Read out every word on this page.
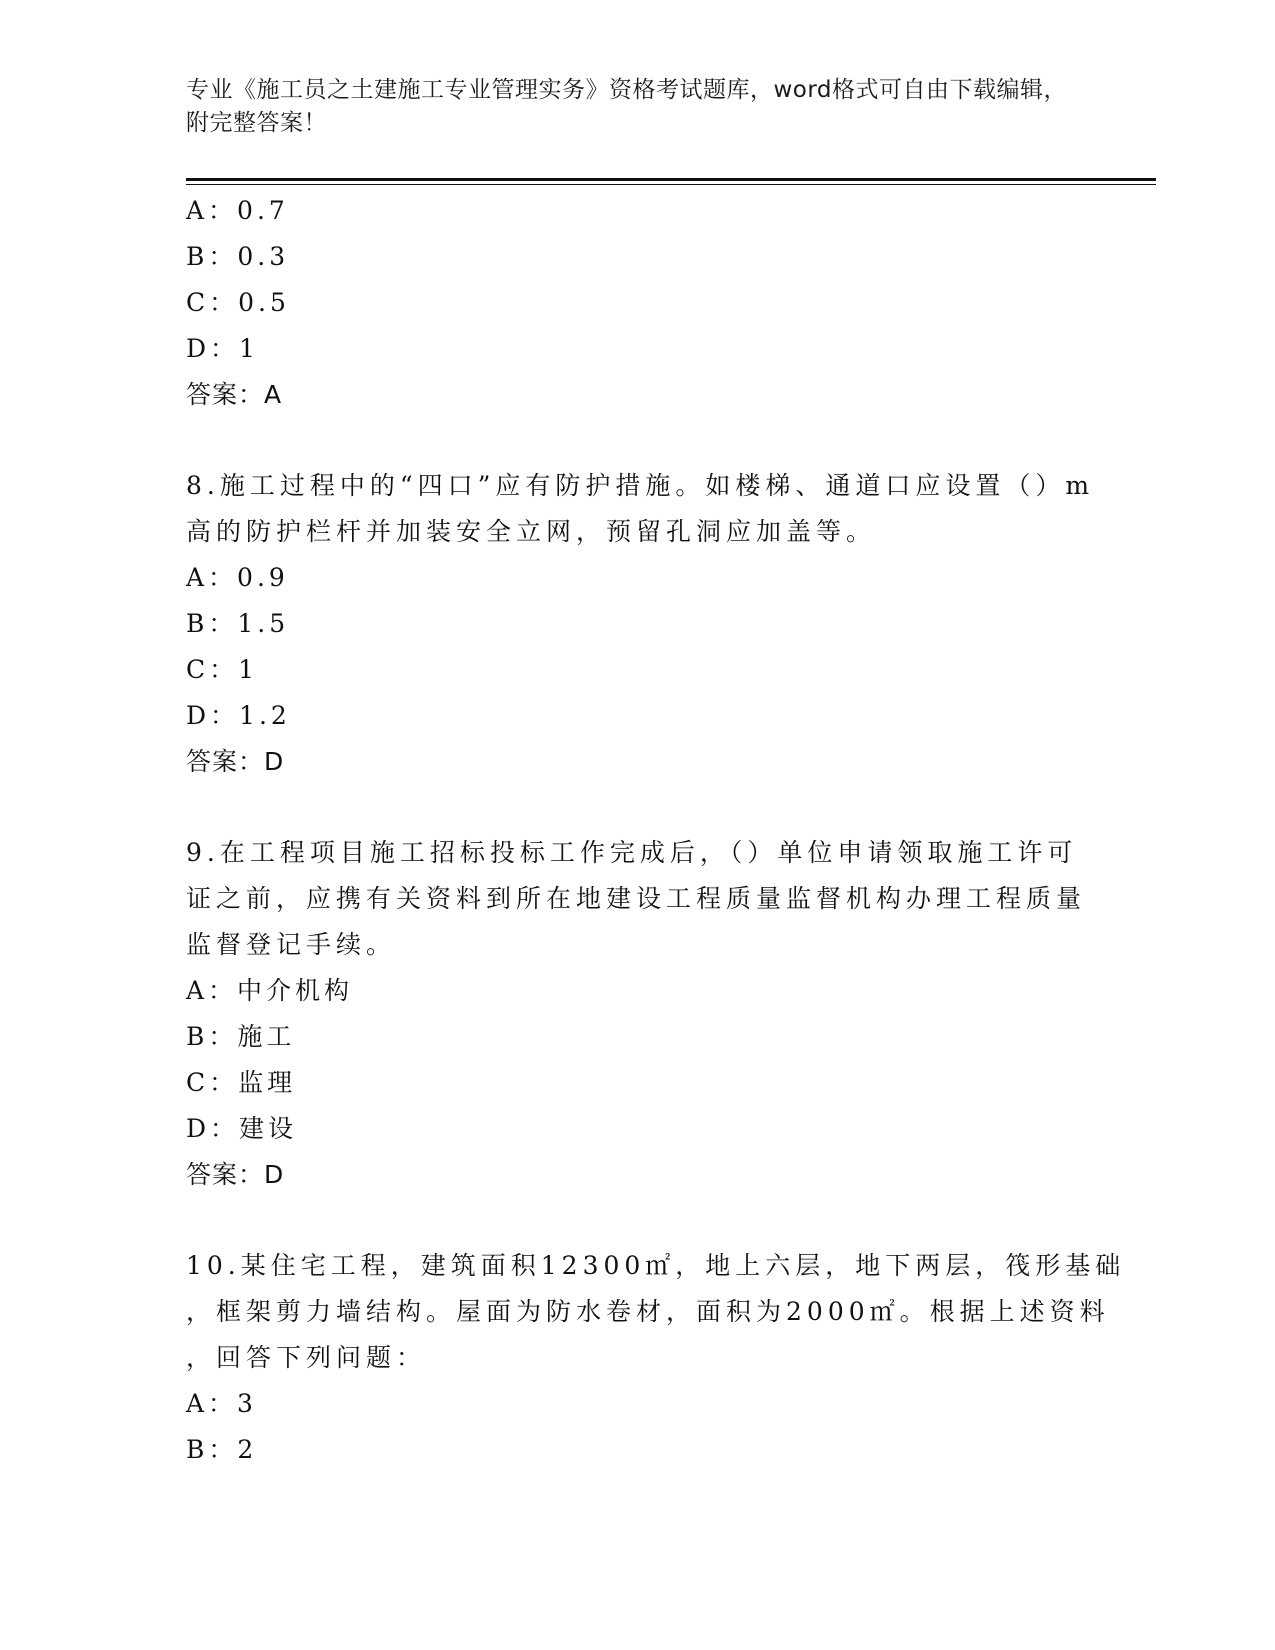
专业《施工员之土建施工专业管理实务》资格考试题库，word格式可自由下载编辑，附完整答案！
A：0.7
B：0.3
C：0.5
D：1
答案：A
8.施工过程中的“四口”应有防护措施。如楼梯、通道口应设置（）m
高的防护栏杆并加装安全立网，预留孔洞应加盖等。
A：0.9
B：1.5
C：1
D：1.2
答案：D
9.在工程项目施工招标投标工作完成后，（）单位申请领取施工许可
证之前，应携有关资料到所在地建设工程质量监督机构办理工程质量
监督登记手续。
A：中介机构
B：施工
C：监理
D：建设
答案：D
10.某住宅工程，建筑面积12300㎡，地上六层，地下两层，筏形基础
，框架剪力墙结构。屋面为防水卷材，面积为2000㎡。根据上述资料
，回答下列问题：
A：3
B：2
